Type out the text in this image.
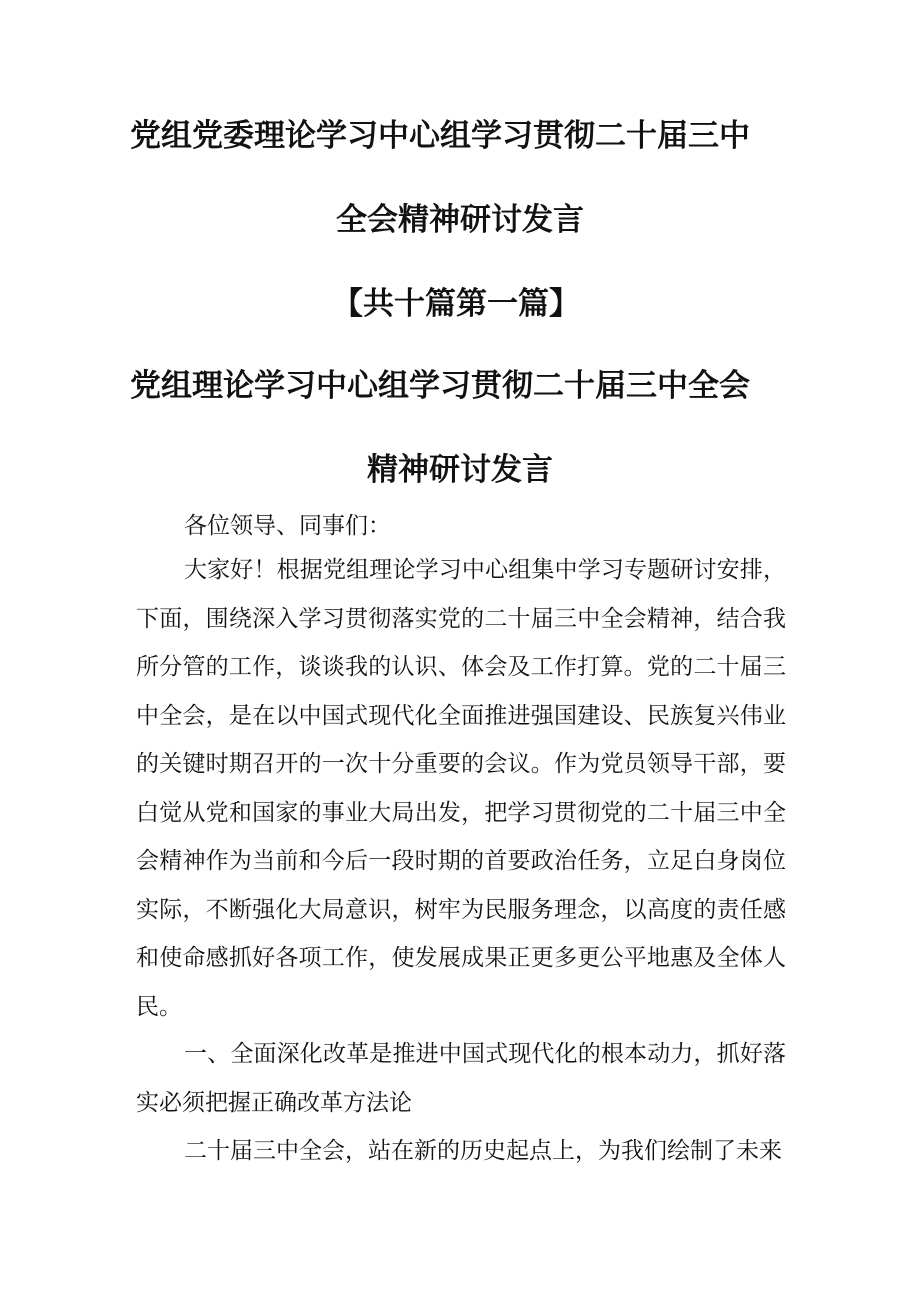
党组党委理论学习中心组学习贯彻二十届三中
全会精神研讨发言
【共十篇第一篇】
党组理论学习中心组学习贯彻二十届三中全会
精神研讨发言
各位领导、同事们：
大家好！根据党组理论学习中心组集中学习专题研讨安排，下面，围绕深入学习贯彻落实党的二十届三中全会精神，结合我所分管的工作，谈谈我的认识、体会及工作打算。党的二十届三中全会，是在以中国式现代化全面推进强国建设、民族复兴伟业的关键时期召开的一次十分重要的会议。作为党员领导干部，要白觉从党和国家的事业大局出发，把学习贯彻党的二十届三中全会精神作为当前和今后一段时期的首要政治任务，立足白身岗位实际，不断强化大局意识，树牢为民服务理念，以高度的责任感和使命感抓好各项工作，使发展成果正更多更公平地惠及全体人民。
一、全面深化改革是推进中国式现代化的根本动力，抓好落实必须把握正确改革方法论
二十届三中全会，站在新的历史起点上，为我们绘制了未来
